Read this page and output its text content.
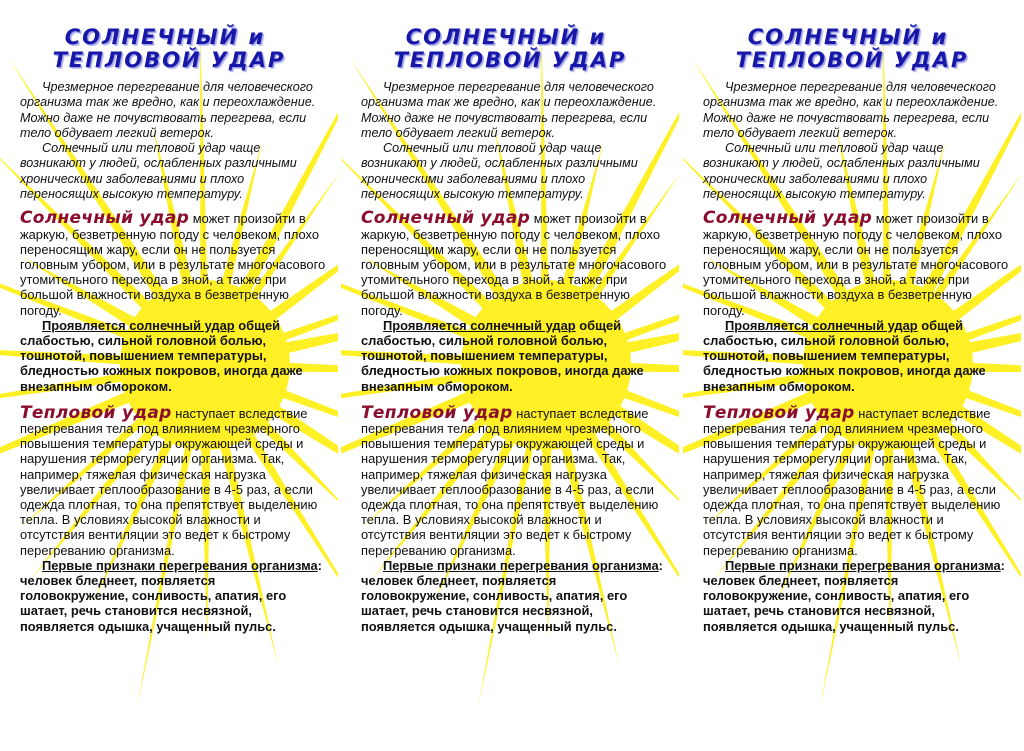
СОЛНЕЧНЫЙ и
ТЕПЛОВОЙ УДАР

Чрезмерное перегревание для человеческого организма так же вредно, как и переохлаждение. Можно даже не почувствовать перегрева, если тело обдувает легкий ветерок.

Солнечный или тепловой удар чаще возникают у людей, ослабленных различными хроническими заболеваниями и плохо переносящих высокую температуру.

Солнечный удар может произойти в жаркую, безветренную погоду с человеком, плохо переносящим жару, если он не пользуется головным убором, или в результате многочасового утомительного перехода в зной, а также при большой влажности воздуха в безветренную погоду.

Проявляется солнечный удар общей слабостью, сильной головной болью, тошнотой, повышением температуры, бледностью кожных покровов, иногда даже внезапным обмороком.

Тепловой удар наступает вследствие перегревания тела под влиянием чрезмерного повышения температуры окружающей среды и нарушения терморегуляции организма. Так, например, тяжелая физическая нагрузка увеличивает теплообразование в 4-5 раз, а если одежда плотная, то она препятствует выделению тепла. В условиях высокой влажности и отсутствия вентиляции это ведет к быстрому перегреванию организма.

Первые признаки перегревания организма: человек бледнеет, появляется головокружение, сонливость, апатия, его шатает, речь становится несвязной, появляется одышка, учащенный пульс.

СОЛНЕЧНЫЙ и
ТЕПЛОВОЙ УДАР

Чрезмерное перегревание для человеческого организма так же вредно, как и переохлаждение. Можно даже не почувствовать перегрева, если тело обдувает легкий ветерок.

Солнечный или тепловой удар чаще возникают у людей, ослабленных различными хроническими заболеваниями и плохо переносящих высокую температуру.

Солнечный удар может произойти в жаркую, безветренную погоду с человеком, плохо переносящим жару, если он не пользуется головным убором, или в результате многочасового утомительного перехода в зной, а также при большой влажности воздуха в безветренную погоду.

Проявляется солнечный удар общей слабостью, сильной головной болью, тошнотой, повышением температуры, бледностью кожных покровов, иногда даже внезапным обмороком.

Тепловой удар наступает вследствие перегревания тела под влиянием чрезмерного повышения температуры окружающей среды и нарушения терморегуляции организма. Так, например, тяжелая физическая нагрузка увеличивает теплообразование в 4-5 раз, а если одежда плотная, то она препятствует выделению тепла. В условиях высокой влажности и отсутствия вентиляции это ведет к быстрому перегреванию организма.

Первые признаки перегревания организма: человек бледнеет, появляется головокружение, сонливость, апатия, его шатает, речь становится несвязной, появляется одышка, учащенный пульс.

СОЛНЕЧНЫЙ и
ТЕПЛОВОЙ УДАР

Чрезмерное перегревание для человеческого организма так же вредно, как и переохлаждение. Можно даже не почувствовать перегрева, если тело обдувает легкий ветерок.

Солнечный или тепловой удар чаще возникают у людей, ослабленных различными хроническими заболеваниями и плохо переносящих высокую температуру.

Солнечный удар может произойти в жаркую, безветренную погоду с человеком, плохо переносящим жару, если он не пользуется головным убором, или в результате многочасового утомительного перехода в зной, а также при большой влажности воздуха в безветренную погоду.

Проявляется солнечный удар общей слабостью, сильной головной болью, тошнотой, повышением температуры, бледностью кожных покровов, иногда даже внезапным обмороком.

Тепловой удар наступает вследствие перегревания тела под влиянием чрезмерного повышения температуры окружающей среды и нарушения терморегуляции организма. Так, например, тяжелая физическая нагрузка увеличивает теплообразование в 4-5 раз, а если одежда плотная, то она препятствует выделению тепла. В условиях высокой влажности и отсутствия вентиляции это ведет к быстрому перегреванию организма.

Первые признаки перегревания организма: человек бледнеет, появляется головокружение, сонливость, апатия, его шатает, речь становится несвязной, появляется одышка, учащенный пульс.
